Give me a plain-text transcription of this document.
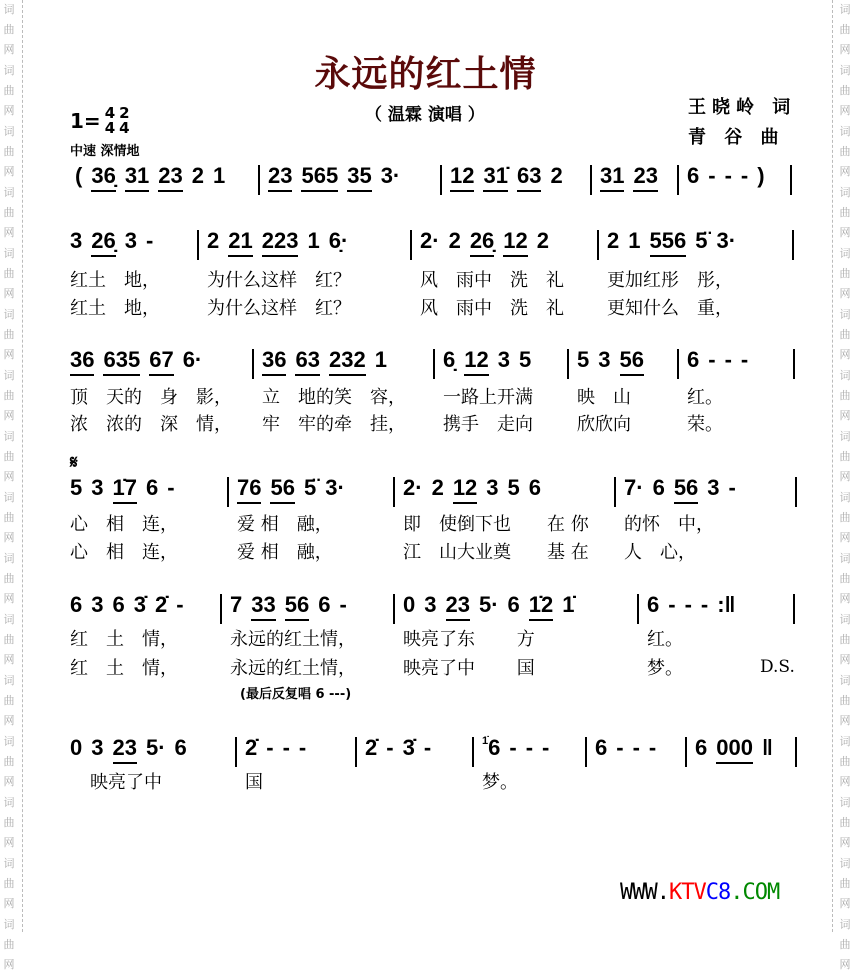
词
曲
网
词
曲
网
词
曲
网
词
曲
网
词
曲
网
词
曲
网
词
曲
网
词
曲
网
词
曲
网
词
曲
网
词
曲
网
词
曲
网
词
曲
网
词
曲
网
词
曲
网
词
曲
网
词
曲
网
词
曲
网
词
曲
网
词
曲
网
词
曲
网
词
曲
网
词
曲
网
词
曲
网
词
曲
网
词
曲
网
词
曲
网
词
曲
网
词
曲
网
词
曲
网
词
曲
网
词
曲
网
永远的红土情
（ 温霖 演唱 ）
1= 4
4
2
4
中速 深情地
王晓岭 词
青 谷 曲
( 36̣ 31 23 2 1	23 565 35 3·	12 31̇ 63 2	31 23	6 - - - )
3 26̣ 3 -	2 21 223 1 6̣·	2· 2 26̣ 12 2	2 1 556 5̈ 3·
红土　地，	为什么这样　红？	风　雨中　洗　礼 更加红彤　彤，
红土　地，	为什么这样　红？	风　雨中　洗　礼 更知什么　重，
36 635 67 6·	36 63 232 1	6̣ 12 3 5	5 3 56	6 - - -
顶　天的　身　影， 立　地的笑　容， 一路上开满 映　山	红。
浓　浓的　深　情， 牢　牢的牵　挂， 携手　走向 欣欣向	荣。
5 3 1̇7 6 -	76 56 5̈ 3·	2· 2 12 3 5 6	7· 6 56 3 -
心　相　连，	爱 相　融，	即　使倒下也　　在 你 的怀　中，
心　相　连，	爱 相　融，	江　山大业奠　　基 在 人　心，
6 3 6 3̇ 2̇ -	7 33 56 6 -	0 3 23 5· 6 1̇2 1̇	6 - - - :‖
红　土　情，	永远的红土情，	映亮了东　　 方	红。
红　土　情，	永远的红土情，	映亮了中　　 国	梦。
0 3 23 5· 6	2̇ - - -	2̇ - 3̇ -	$^{1̇}$6 - - -	6 - - -	6 000 ‖
映亮了中	国	梦。
𝄋
D.S.
(最后反复唱 6 ---)
WWW.KTVC8.COM
